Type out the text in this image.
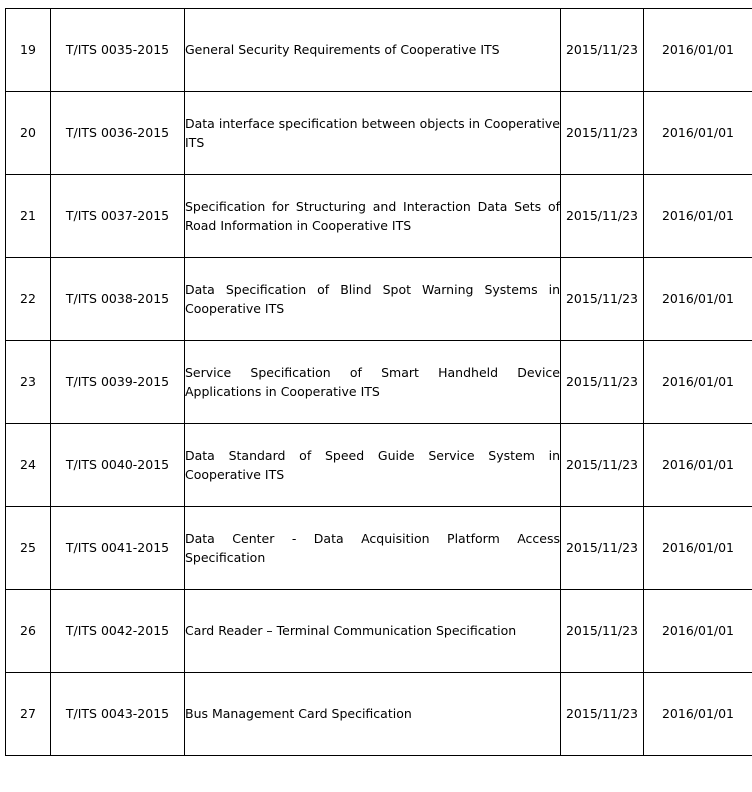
19	T/ITS 0035-2015	General Security Requirements of Cooperative ITS	2015/11/23	2016/01/01
20	T/ITS 0036-2015	Data interface specification between objects in Cooperative ITS	2015/11/23	2016/01/01
21	T/ITS 0037-2015	Specification for Structuring and Interaction Data Sets of Road Information in Cooperative ITS	2015/11/23	2016/01/01
22	T/ITS 0038-2015	Data Specification of Blind Spot Warning Systems in Cooperative ITS	2015/11/23	2016/01/01
23	T/ITS 0039-2015	Service Specification of Smart Handheld Device Applications in Cooperative ITS	2015/11/23	2016/01/01
24	T/ITS 0040-2015	Data Standard of Speed Guide Service System in Cooperative ITS	2015/11/23	2016/01/01
25	T/ITS 0041-2015	Data Center - Data Acquisition Platform Access Specification	2015/11/23	2016/01/01
26	T/ITS 0042-2015	Card Reader – Terminal Communication Specification	2015/11/23	2016/01/01
27	T/ITS 0043-2015	Bus Management Card Specification	2015/11/23	2016/01/01
